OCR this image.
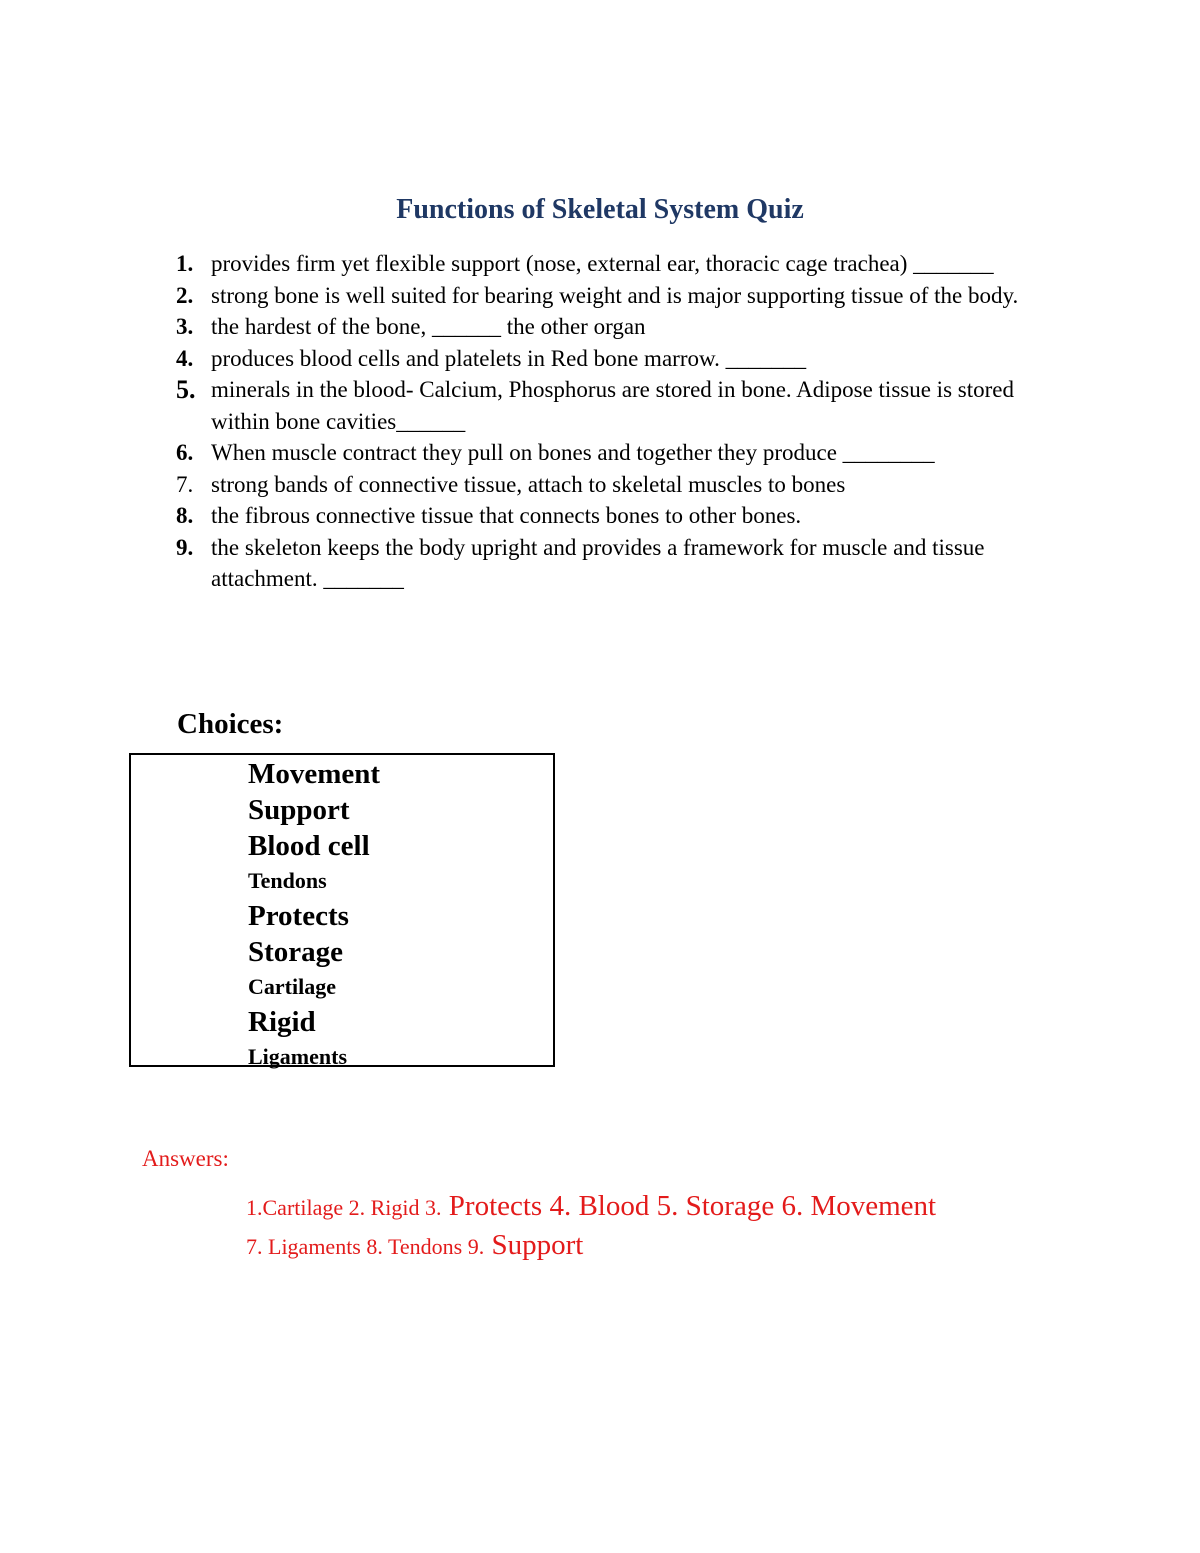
Functions of Skeletal System Quiz
1. provides firm yet flexible support (nose, external ear, thoracic cage trachea) _______
2. strong bone is well suited for bearing weight and is major supporting tissue of the body.
3. the hardest of the bone, ______ the other organ
4. produces blood cells and platelets in Red bone marrow. _______
5. minerals in the blood- Calcium, Phosphorus are stored in bone. Adipose tissue is stored within bone cavities______
6. When muscle contract they pull on bones and together they produce ________
7. strong bands of connective tissue, attach to skeletal muscles to bones
8. the fibrous connective tissue that connects bones to other bones.
9. the skeleton keeps the body upright and provides a framework for muscle and tissue attachment. _______
Choices:
Movement
Support
Blood cell
Tendons
Protects
Storage
Cartilage
Rigid
Ligaments
Answers:
1.Cartilage 2. Rigid 3. Protects 4. Blood 5. Storage 6. Movement
7. Ligaments 8. Tendons 9. Support
